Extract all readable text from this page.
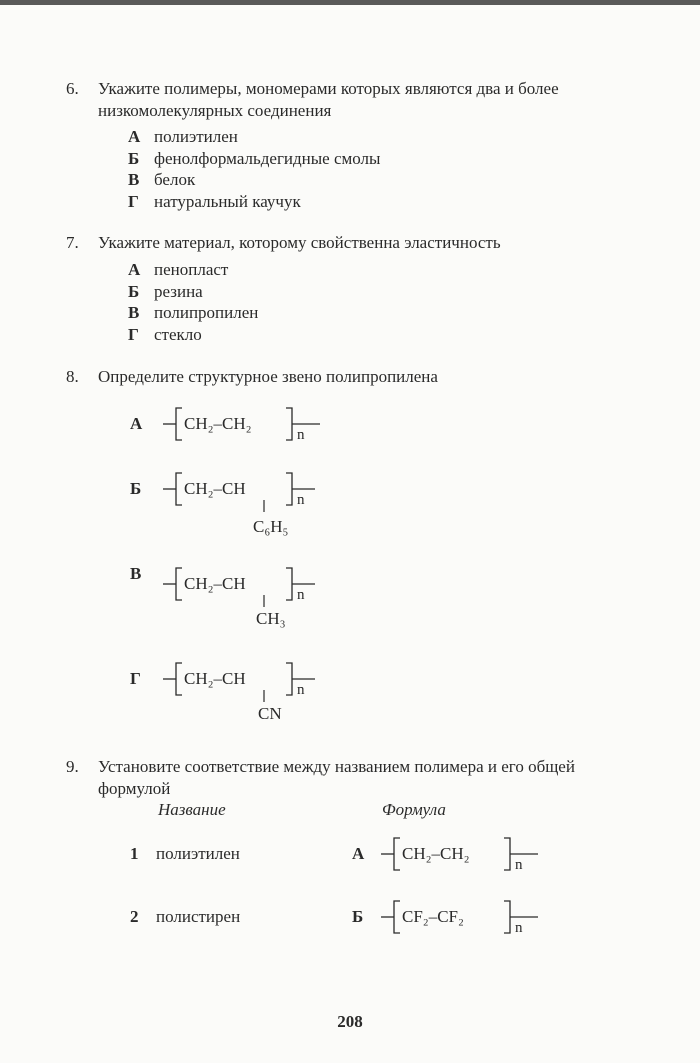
6. Укажите полимеры, мономерами которых являются два и более низкомолекулярных соединения
А полиэтилен
Б фенолформальдегидные смолы
В белок
Г натуральный каучук
7. Укажите материал, которому свойственна эластичность
А пенопласт
Б резина
В полипропилен
Г стекло
8. Определите структурное звено полипропилена
А CH₂–CH₂
n
Б	CH₂–CH
n
C₆H₅
В
CH₂–CH
n
CH₃
Г	CH₂–CH
n
CN
9. Установите соответствие между названием полимера и его общей формулой
Название	Формула
1 полиэтилен	А CH₂–CH₂
n
2 полистирен	Б CF₂–CF₂
n
208
